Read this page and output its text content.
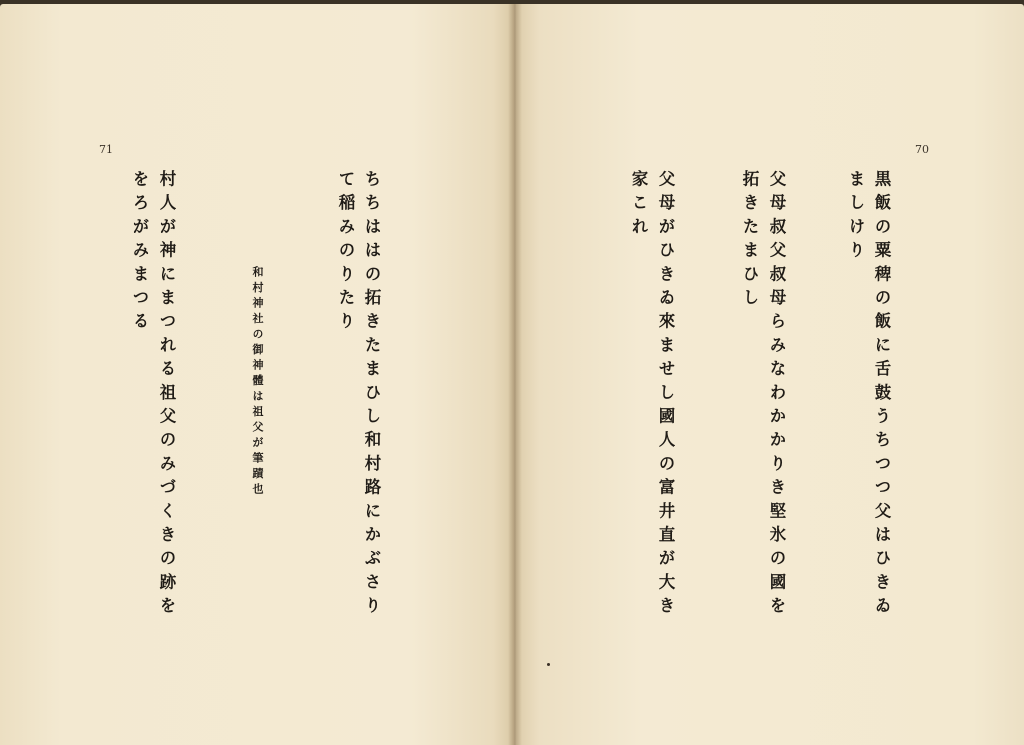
71
ちちははの拓きたまひし和村路にかぶさり
て稲みのりたり
和村神社の御神體は祖父が筆蹟也
村人が神にまつれる祖父のみづくきの跡を
をろがみまつる
70
黒飯の粟稗の飯に舌鼓うちつつ父はひきゐ
ましけり
父母叔父叔母らみなわかかりき堅氷の國を
拓きたまひし
父母がひきゐ來ませし國人の富井直が大き
家これ
